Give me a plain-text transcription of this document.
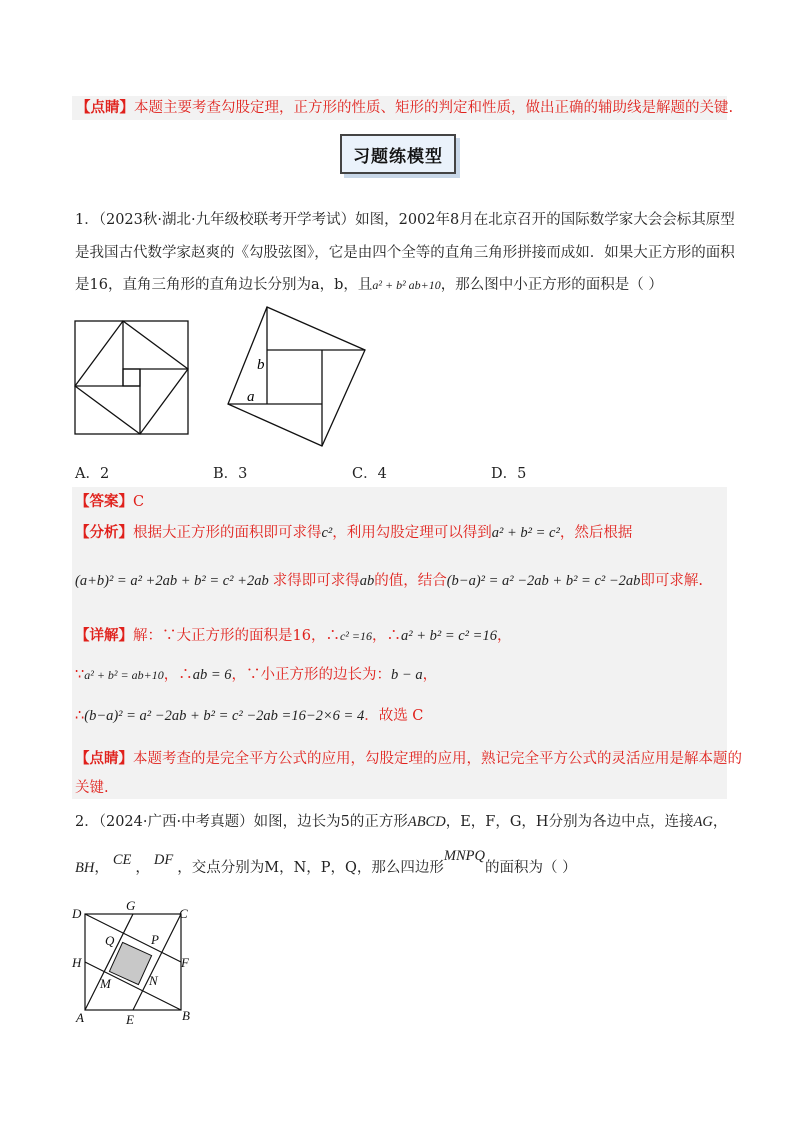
【点睛】本题主要考查勾股定理，正方形的性质、矩形的判定和性质，做出正确的辅助线是解题的关键.
习题练模型
1．（2023秋·湖北·九年级校联考开学考试）如图，2002年8月在北京召开的国际数学家大会会标其原型
是我国古代数学家赵爽的《勾股弦图》，它是由四个全等的直角三角形拼接而成如．如果大正方形的面积
是16，直角三角形的直角边长分别为a，b，且a² + b² ab+10，那么图中小正方形的面积是（ ）
b
a
A．2	B．3	C．4	D．5
【答案】C
【分析】根据大正方形的面积即可求得c²，利用勾股定理可以得到a² + b² = c²，然后根据
(a+b)² = a² +2ab + b² = c² +2ab 求得即可求得ab的值，结合(b−a)² = a² −2ab + b² = c² −2ab即可求解.
【详解】解：∵大正方形的面积是16，∴c² =16，∴a² + b² = c² =16，
∵a² + b² = ab+10，∴ab = 6，∵小正方形的边长为：b − a，
∴(b−a)² = a² −2ab + b² = c² −2ab =16−2×6 = 4．故选 C
【点睛】本题考查的是完全平方公式的应用，勾股定理的应用，熟记完全平方公式的灵活应用是解本题的
关键.
2．（2024·广西·中考真题）如图，边长为5的正方形ABCD，E，F，G，H分别为各边中点，连接AG，
BH， CE ， DF ，交点分别为M，N，P，Q，那么四边形MNPQ的面积为（ ）
D
G
C
Q	P
H	F
M	N
A	E	B
